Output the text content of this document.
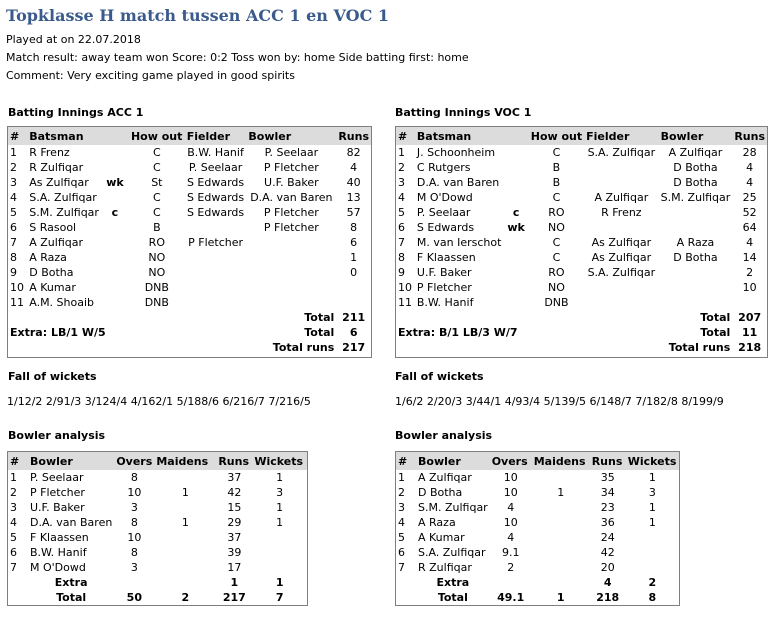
Topklasse H match tussen ACC 1 en VOC 1
Played at on 22.07.2018
Match result: away team won Score: 0:2 Toss won by: home Side batting first: home
Comment: Very exciting game played in good spirits
Batting Innings ACC 1
#	Batsman		How out	Fielder	Bowler	Runs
1	R Frenz		C	B.W. Hanif	P. Seelaar	82
2	R Zulfiqar		C	P. Seelaar	P Fletcher	4
3	As Zulfiqar	wk	St	S Edwards	U.F. Baker	40
4	S.A. Zulfiqar		C	S Edwards	D.A. van Baren	13
5	S.M. Zulfiqar	c	C	S Edwards	P Fletcher	57
6	S Rasool		B		P Fletcher	8
7	A Zulfiqar		RO	P Fletcher		6
8	A Raza		NO			1
9	D Botha		NO			0
10	A Kumar		DNB			
11	A.M. Shoaib		DNB			
Total						211
Extra: LB/1 W/5				Total		6
Total runs						217
Batting Innings VOC 1
#	Batsman		How out	Fielder	Bowler	Runs
1	J. Schoonheim		C	S.A. Zulfiqar	A Zulfiqar	28
2	C Rutgers		B		D Botha	4
3	D.A. van Baren		B		D Botha	4
4	M O'Dowd		C	A Zulfiqar	S.M. Zulfiqar	25
5	P. Seelaar	c	RO	R Frenz		52
6	S Edwards	wk	NO			64
7	M. van Ierschot		C	As Zulfiqar	A Raza	4
8	F Klaassen		C	As Zulfiqar	D Botha	14
9	U.F. Baker		RO	S.A. Zulfiqar		2
10	P Fletcher		NO			10
11	B.W. Hanif		DNB			
Total						207
Extra: B/1 LB/3 W/7				Total		11
Total runs						218
Fall of wickets
1/12/2 2/91/3 3/124/4 4/162/1 5/188/6 6/216/7 7/216/5
Fall of wickets
1/6/2 2/20/3 3/44/1 4/93/4 5/139/5 6/148/7 7/182/8 8/199/9
Bowler analysis
#	Bowler	Overs	Maidens	Runs	Wickets
1	P. Seelaar	8		37	1
2	P Fletcher	10	1	42	3
3	U.F. Baker	3		15	1
4	D.A. van Baren	8	1	29	1
5	F Klaassen	10		37	
6	B.W. Hanif	8		39	
7	M O'Dowd	3		17	
	Extra			1	1
	Total	50	2	217	7
Bowler analysis
#	Bowler	Overs	Maidens	Runs	Wickets
1	A Zulfiqar	10		35	1
2	D Botha	10	1	34	3
3	S.M. Zulfiqar	4		23	1
4	A Raza	10		36	1
5	A Kumar	4		24	
6	S.A. Zulfiqar	9.1		42	
7	R Zulfiqar	2		20	
	Extra			4	2
	Total	49.1	1	218	8
